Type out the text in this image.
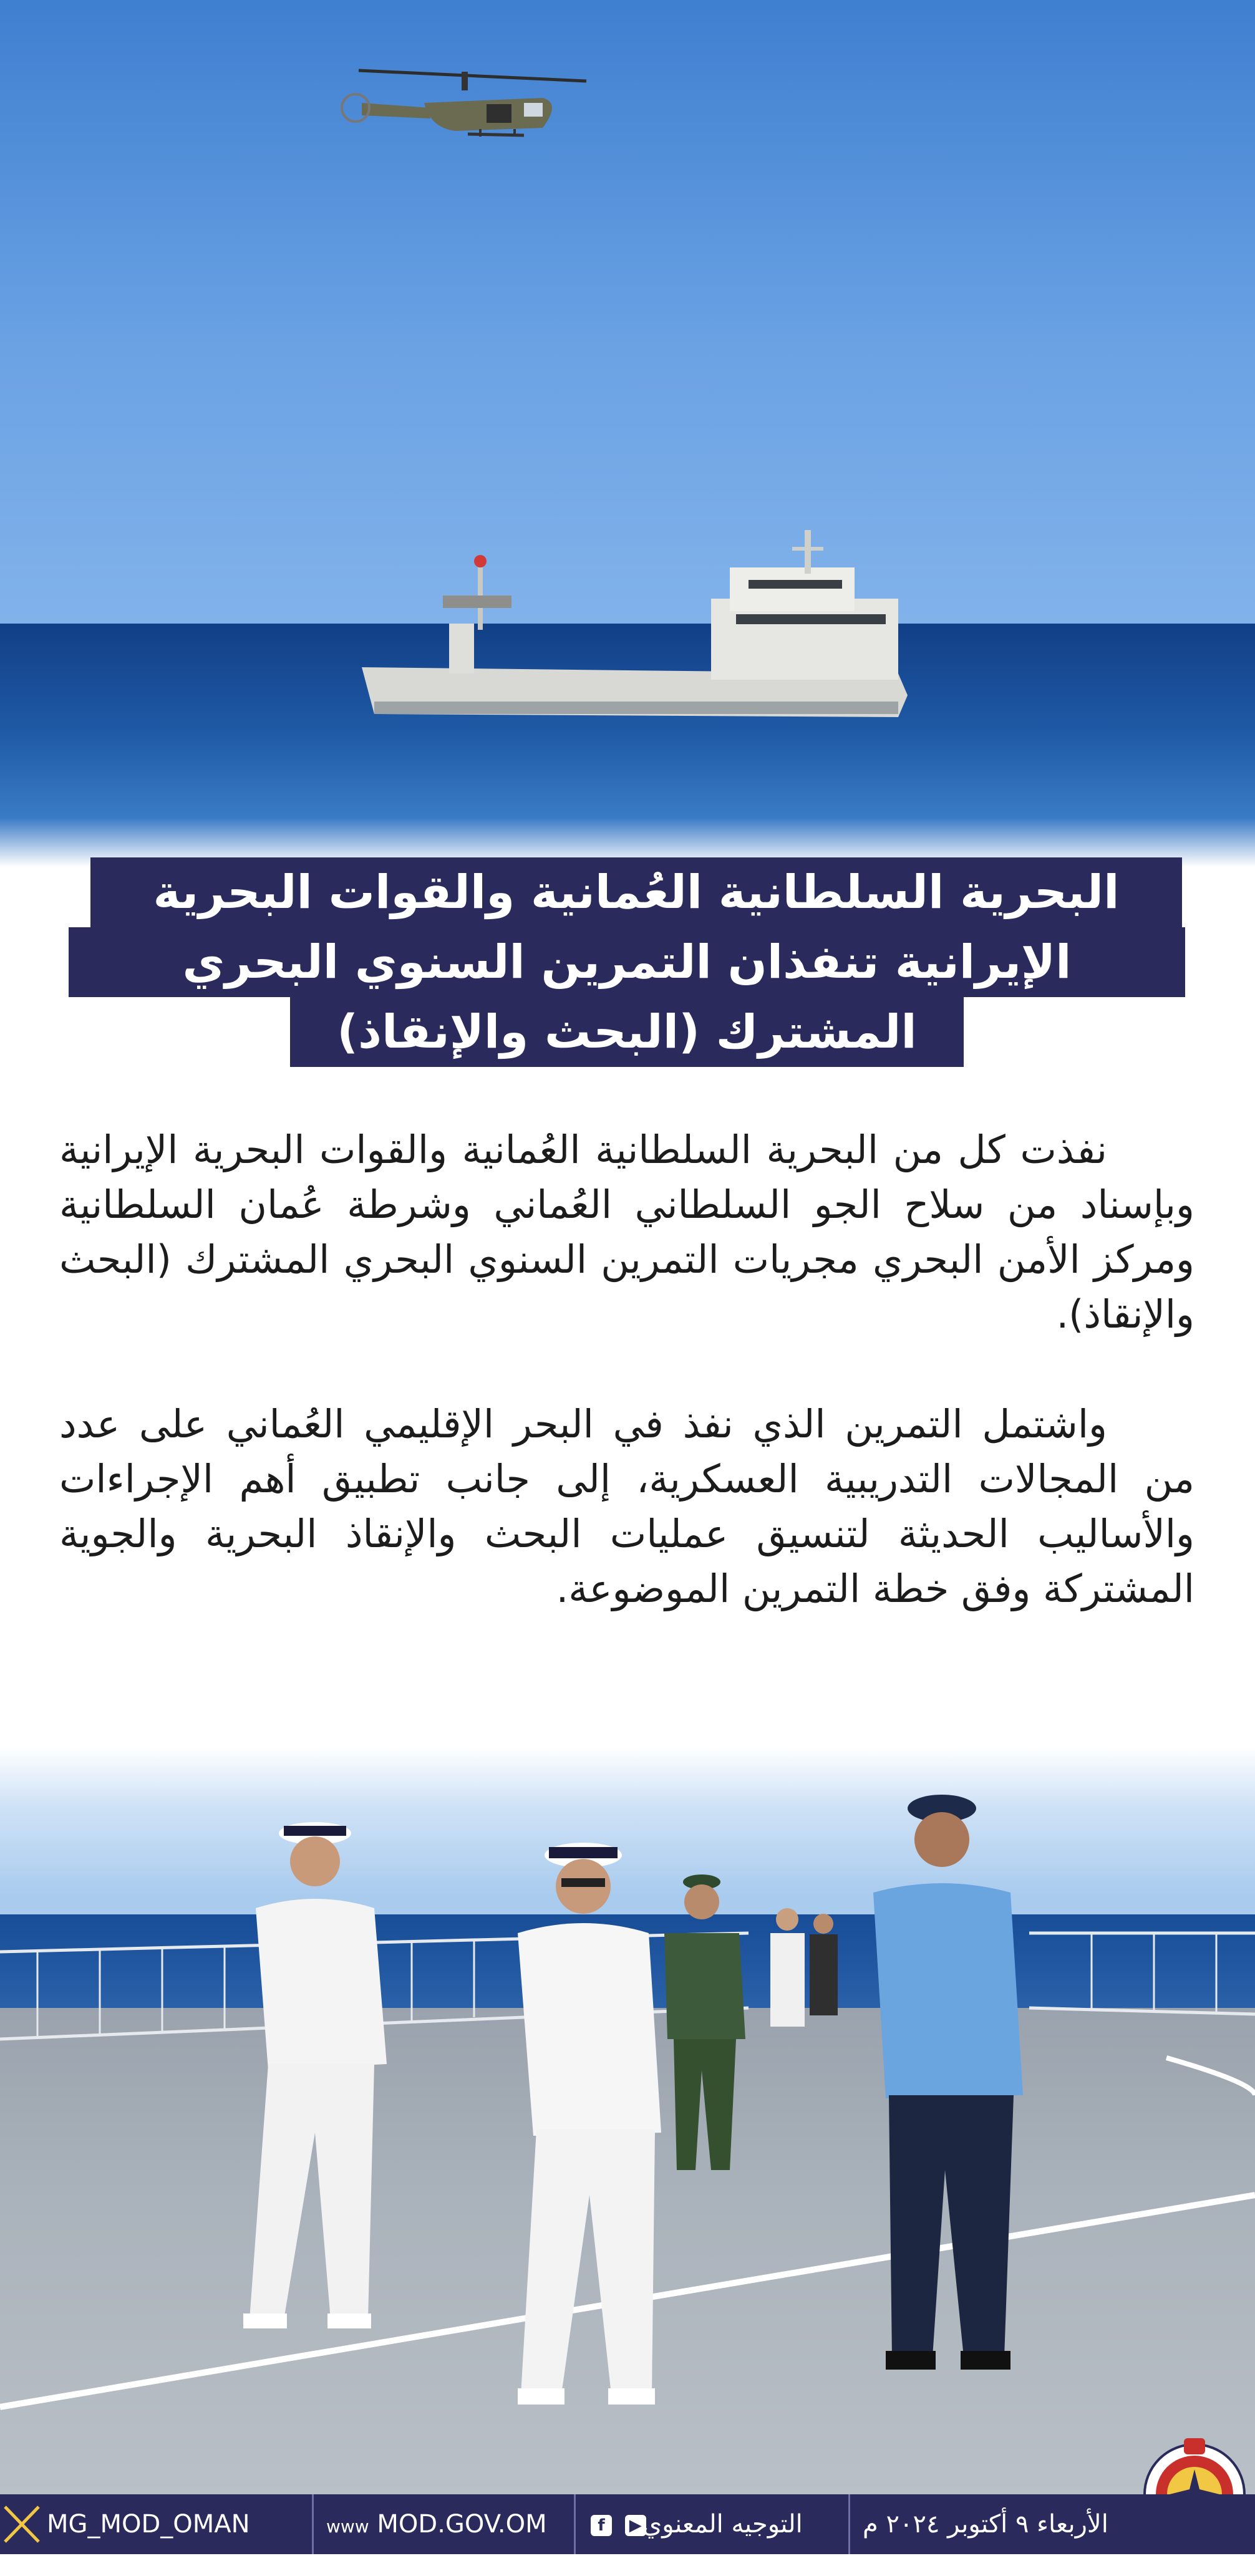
البحرية السلطانية العُمانية والقوات البحرية
الإيرانية تنفذان التمرين السنوي البحري
المشترك (البحث والإنقاذ)

نفذت كل من البحرية السلطانية العُمانية والقوات البحرية الإيرانية وبإسناد من سلاح الجو السلطاني العُماني وشرطة عُمان السلطانية ومركز الأمن البحري مجريات التمرين السنوي البحري المشترك (البحث والإنقاذ).

واشتمل التمرين الذي نفذ في البحر الإقليمي العُماني على عدد من المجالات التدريبية العسكرية، إلى جانب تطبيق أهم الإجراءات والأساليب الحديثة لتنسيق عمليات البحث والإنقاذ البحرية والجوية المشتركة وفق خطة التمرين الموضوعة.

MG_MOD_OMAN	www MOD.GOV.OM	f ▶ التوجيه المعنوي	الأربعاء ٩ أكتوبر ٢٠٢٤ م
